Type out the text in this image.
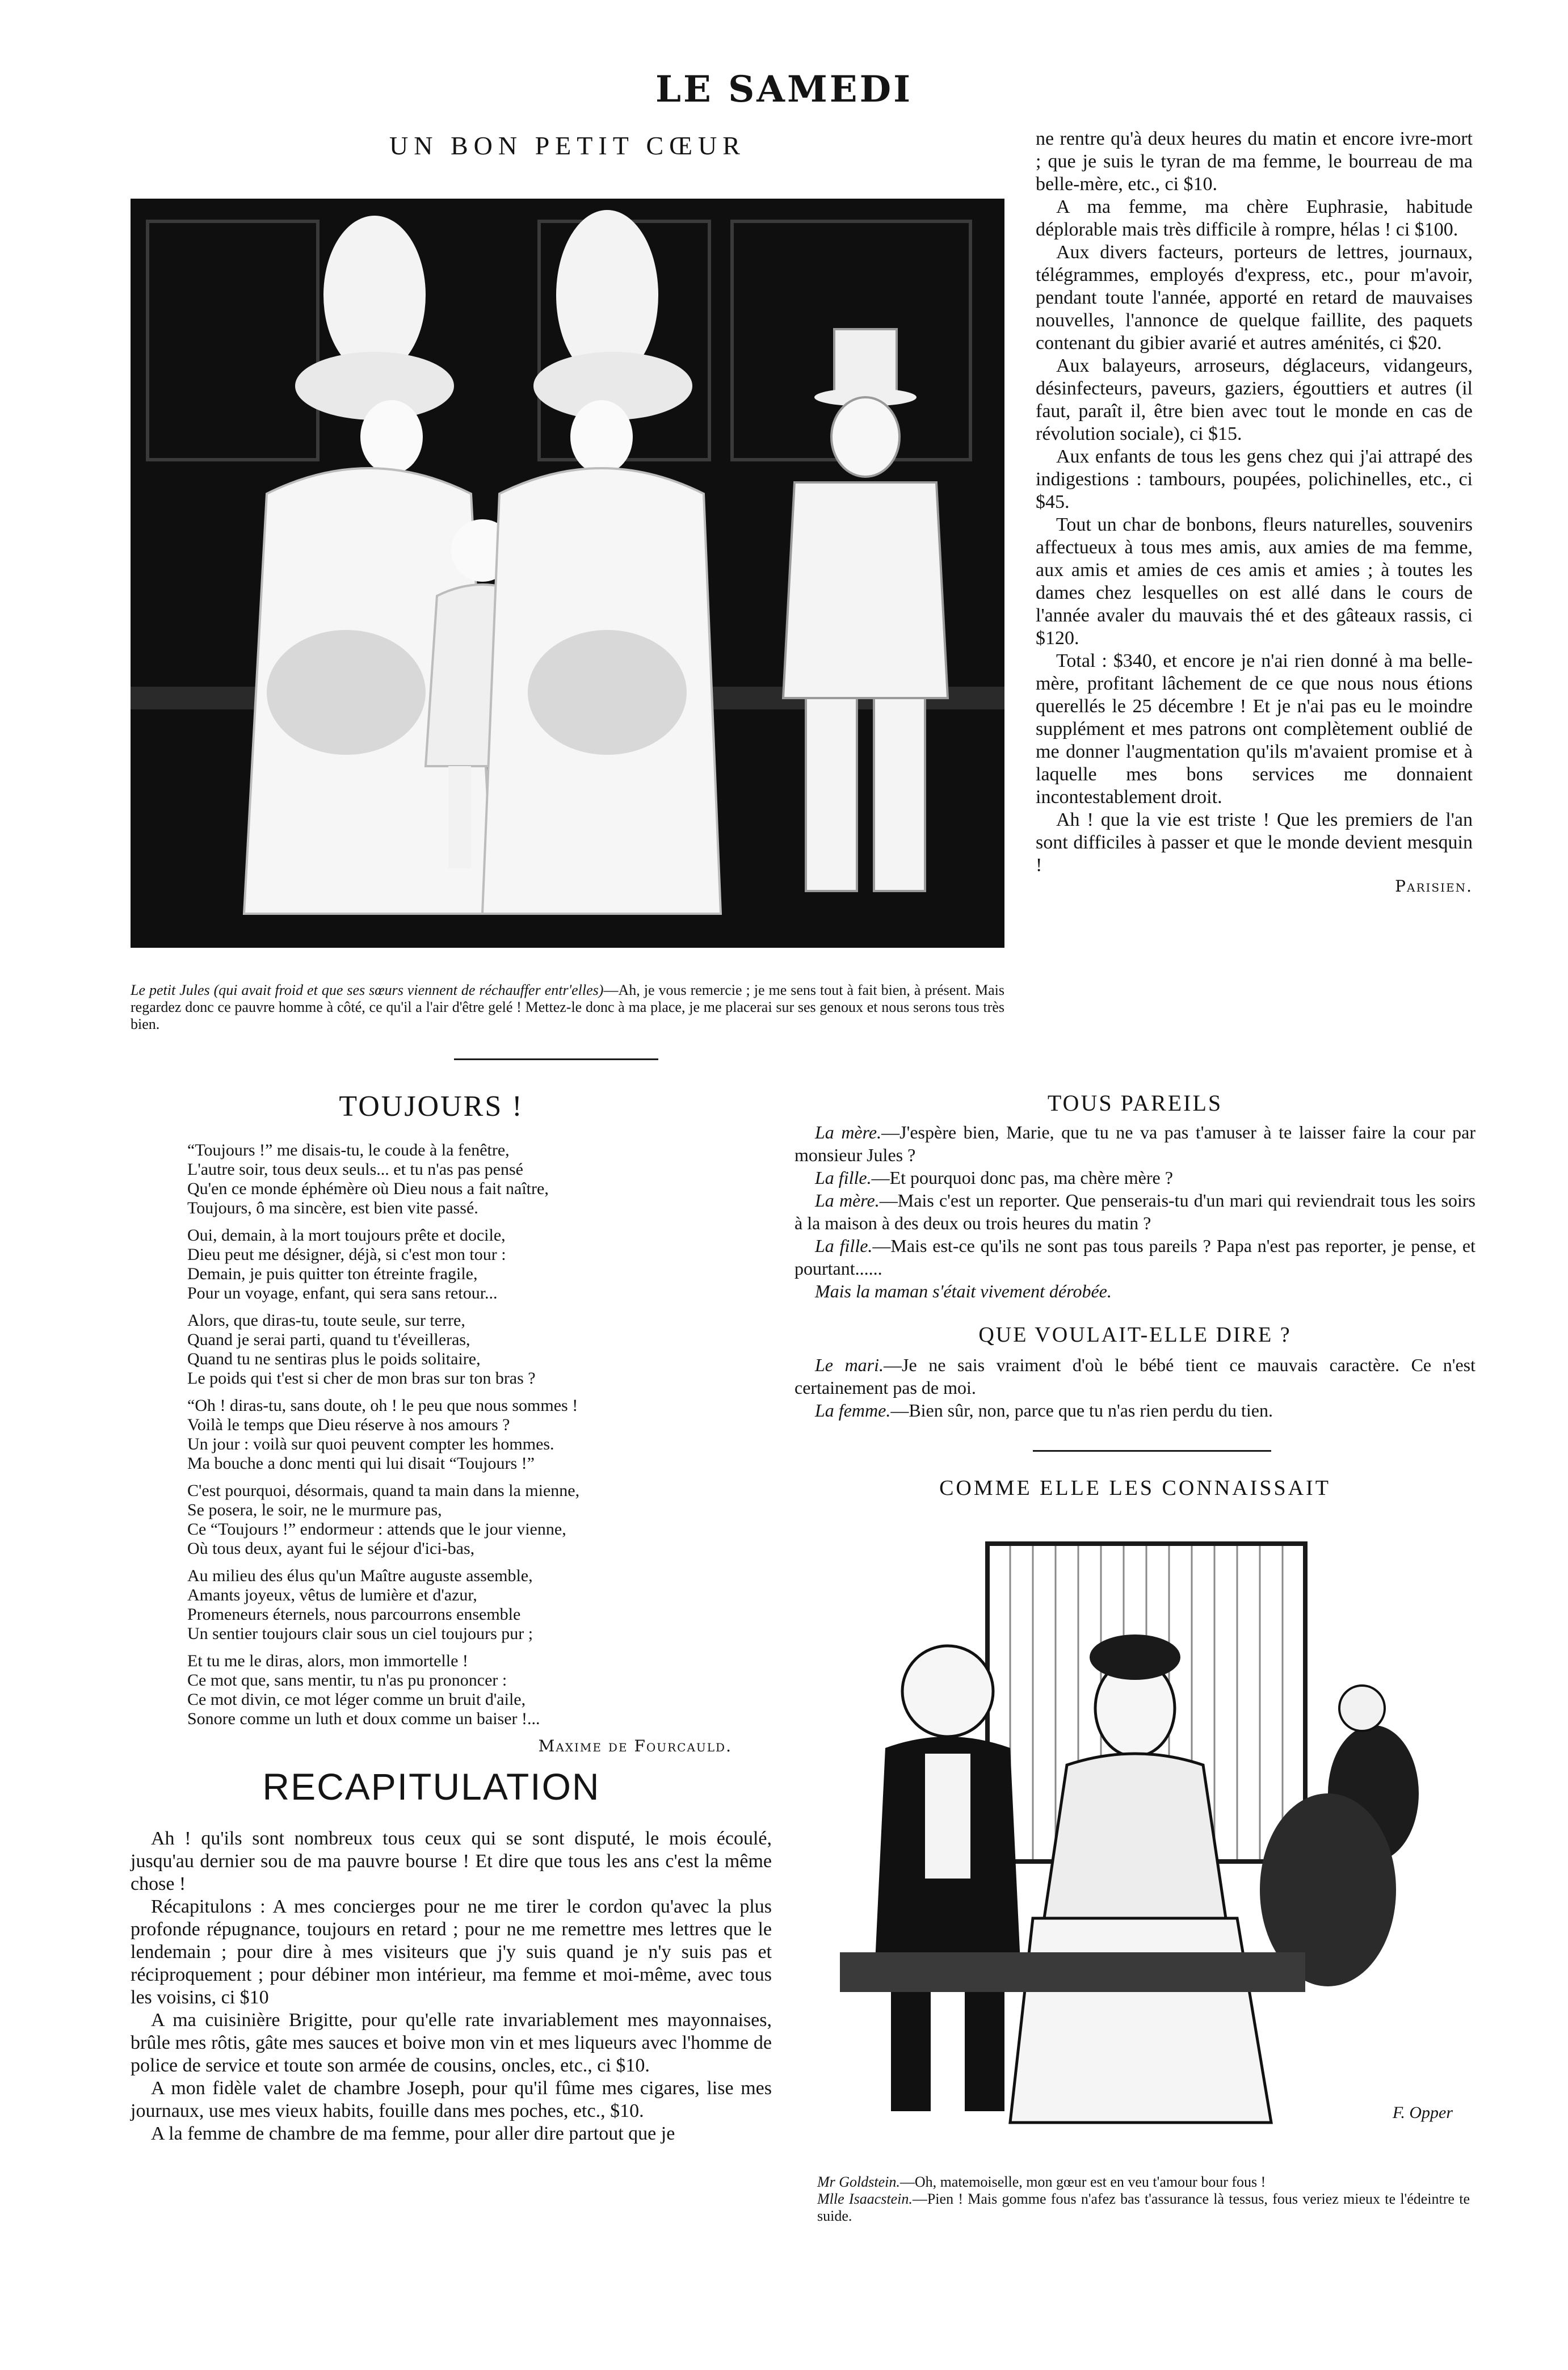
LE SAMEDI
UN BON PETIT CŒUR
Le petit Jules (qui avait froid et que ses sœurs viennent de réchauffer entr'elles)—Ah, je vous remercie ; je me sens tout à fait bien, à présent. Mais regardez donc ce pauvre homme à côté, ce qu'il a l'air d'être gelé ! Mettez-le donc à ma place, je me placerai sur ses genoux et nous serons tous très bien.

ne rentre qu'à deux heures du matin et encore ivre-mort ; que je suis le tyran de ma femme, le bourreau de ma belle-mère, etc., ci $10.

A ma femme, ma chère Euphrasie, habitude déplorable mais très difficile à rompre, hélas ! ci $100.

Aux divers facteurs, porteurs de lettres, journaux, télégrammes, employés d'express, etc., pour m'avoir, pendant toute l'année, apporté en retard de mauvaises nouvelles, l'annonce de quelque faillite, des paquets contenant du gibier avarié et autres aménités, ci $20.

Aux balayeurs, arroseurs, déglaceurs, vidangeurs, désinfecteurs, paveurs, gaziers, égouttiers et autres (il faut, paraît il, être bien avec tout le monde en cas de révolution sociale), ci $15.

Aux enfants de tous les gens chez qui j'ai attrapé des indigestions : tambours, poupées, polichinelles, etc., ci $45.

Tout un char de bonbons, fleurs naturelles, souvenirs affectueux à tous mes amis, aux amies de ma femme, aux amis et amies de ces amis et amies ; à toutes les dames chez lesquelles on est allé dans le cours de l'année avaler du mauvais thé et des gâteaux rassis, ci $120.

Total : $340, et encore je n'ai rien donné à ma belle-mère, profitant lâchement de ce que nous nous étions querellés le 25 décembre ! Et je n'ai pas eu le moindre supplément et mes patrons ont complètement oublié de me donner l'augmentation qu'ils m'avaient promise et à laquelle mes bons services me donnaient incontestablement droit.

Ah ! que la vie est triste ! Que les premiers de l'an sont difficiles à passer et que le monde devient mesquin !

Parisien.
TOUJOURS !

“Toujours !” me disais-tu, le coude à la fenêtre,
L'autre soir, tous deux seuls... et tu n'as pas pensé
Qu'en ce monde éphémère où Dieu nous a fait naître,
Toujours, ô ma sincère, est bien vite passé.

Oui, demain, à la mort toujours prête et docile,
Dieu peut me désigner, déjà, si c'est mon tour :
Demain, je puis quitter ton étreinte fragile,
Pour un voyage, enfant, qui sera sans retour...

Alors, que diras-tu, toute seule, sur terre,
Quand je serai parti, quand tu t'éveilleras,
Quand tu ne sentiras plus le poids solitaire,
Le poids qui t'est si cher de mon bras sur ton bras ?

“Oh ! diras-tu, sans doute, oh ! le peu que nous sommes !
Voilà le temps que Dieu réserve à nos amours ?
Un jour : voilà sur quoi peuvent compter les hommes.
Ma bouche a donc menti qui lui disait “Toujours !”

C'est pourquoi, désormais, quand ta main dans la mienne,
Se posera, le soir, ne le murmure pas,
Ce “Toujours !” endormeur : attends que le jour vienne,
Où tous deux, ayant fui le séjour d'ici-bas,

Au milieu des élus qu'un Maître auguste assemble,
Amants joyeux, vêtus de lumière et d'azur,
Promeneurs éternels, nous parcourrons ensemble
Un sentier toujours clair sous un ciel toujours pur ;

Et tu me le diras, alors, mon immortelle !
Ce mot que, sans mentir, tu n'as pu prononcer :
Ce mot divin, ce mot léger comme un bruit d'aile,
Sonore comme un luth et doux comme un baiser !...

Maxime de Fourcauld.
RECAPITULATION

Ah ! qu'ils sont nombreux tous ceux qui se sont disputé, le mois écoulé, jusqu'au dernier sou de ma pauvre bourse ! Et dire que tous les ans c'est la même chose !

Récapitulons : A mes concierges pour ne me tirer le cordon qu'avec la plus profonde répugnance, toujours en retard ; pour ne me remettre mes lettres que le lendemain ; pour dire à mes visiteurs que j'y suis quand je n'y suis pas et réciproquement ; pour débiner mon intérieur, ma femme et moi-même, avec tous les voisins, ci $10

A ma cuisinière Brigitte, pour qu'elle rate invariablement mes mayonnaises, brûle mes rôtis, gâte mes sauces et boive mon vin et mes liqueurs avec l'homme de police de service et toute son armée de cousins, oncles, etc., ci $10.

A mon fidèle valet de chambre Joseph, pour qu'il fûme mes cigares, lise mes journaux, use mes vieux habits, fouille dans mes poches, etc., $10.

A la femme de chambre de ma femme, pour aller dire partout que je

TOUS PAREILS

La mère.—J'espère bien, Marie, que tu ne va pas t'amuser à te laisser faire la cour par monsieur Jules ?

La fille.—Et pourquoi donc pas, ma chère mère ?

La mère.—Mais c'est un reporter. Que penserais-tu d'un mari qui reviendrait tous les soirs à la maison à des deux ou trois heures du matin ?

La fille.—Mais est-ce qu'ils ne sont pas tous pareils ? Papa n'est pas reporter, je pense, et pourtant......

Mais la maman s'était vivement dérobée.

QUE VOULAIT-ELLE DIRE ?

Le mari.—Je ne sais vraiment d'où le bébé tient ce mauvais caractère. Ce n'est certainement pas de moi.

La femme.—Bien sûr, non, parce que tu n'as rien perdu du tien.

COMME ELLE LES CONNAISSAIT
F. Opper
Mr Goldstein.—Oh, matemoiselle, mon gœur est en veu t'amour bour fous !
Mlle Isaacstein.—Pien ! Mais gomme fous n'afez bas t'assurance là tessus, fous veriez mieux te l'édeintre te suide.
